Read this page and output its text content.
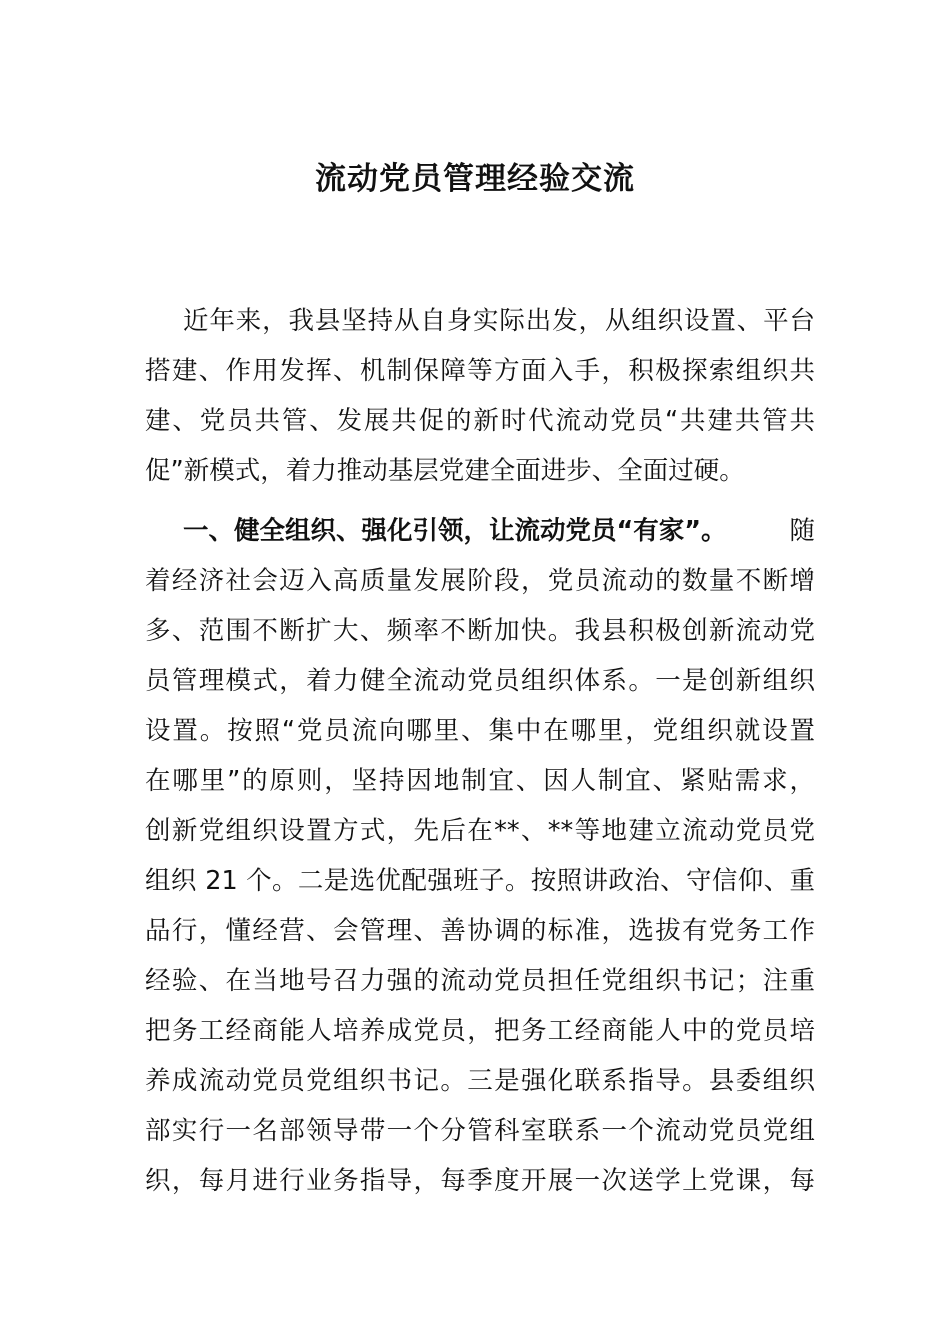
流动党员管理经验交流
近年来，我县坚持从自身实际出发，从组织设置、平台
搭建、作用发挥、机制保障等方面入手，积极探索组织共
建、党员共管、发展共促的新时代流动党员“共建共管共
促”新模式，着力推动基层党建全面进步、全面过硬。
一、健全组织、强化引领，让流动党员“有家”。 随
着经济社会迈入高质量发展阶段，党员流动的数量不断增
多、范围不断扩大、频率不断加快。我县积极创新流动党
员管理模式，着力健全流动党员组织体系。一是创新组织
设置。按照“党员流向哪里、集中在哪里，党组织就设置
在哪里”的原则，坚持因地制宜、因人制宜、紧贴需求，
创新党组织设置方式，先后在**、**等地建立流动党员党
组织 21 个。二是选优配强班子。按照讲政治、守信仰、重
品行，懂经营、会管理、善协调的标准，选拔有党务工作
经验、在当地号召力强的流动党员担任党组织书记；注重
把务工经商能人培养成党员，把务工经商能人中的党员培
养成流动党员党组织书记。三是强化联系指导。县委组织
部实行一名部领导带一个分管科室联系一个流动党员党组
织，每月进行业务指导，每季度开展一次送学上党课，每
